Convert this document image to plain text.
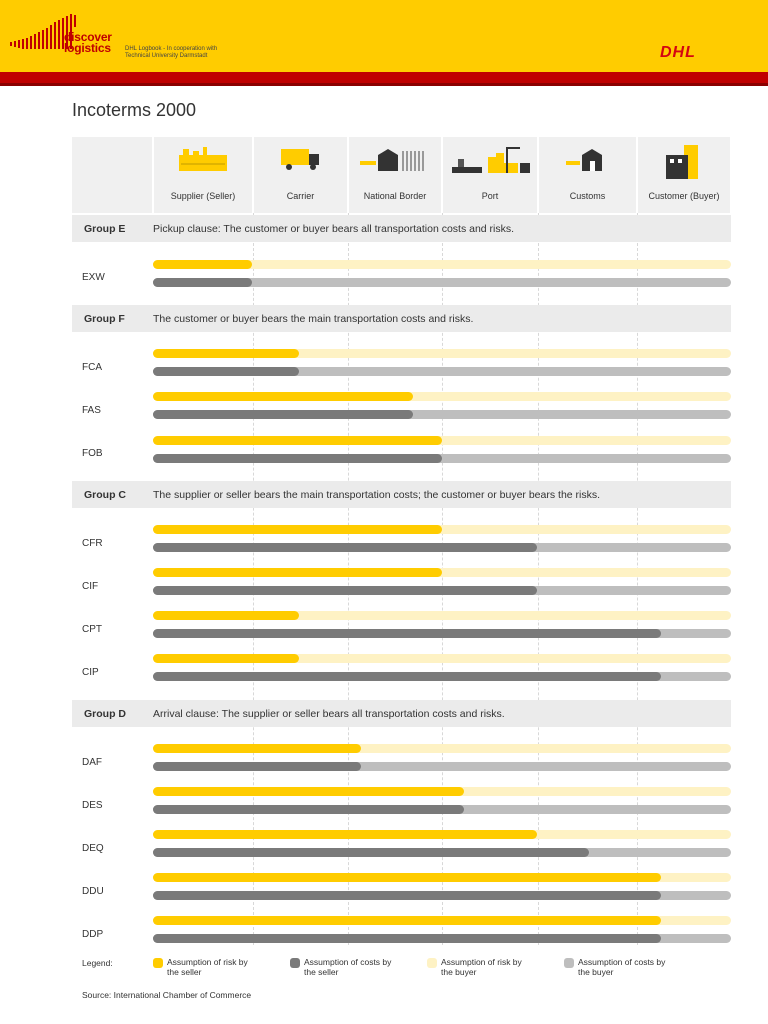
discover
logistics DHL Logbook - In cooperation with
Technical University Darmstadt	DHL
Incoterms 2000
Supplier (Seller)	Carrier	National Border	Port	Customs	Customer (Buyer)
Group E	Pickup clause: The customer or buyer bears all transportation costs and risks.
EXW
Group F	The customer or buyer bears the main transportation costs and risks.
FCA
FAS
FOB
Group C	The supplier or seller bears the main transportation costs; the customer or buyer bears the risks.
CFR
CIF
CPT
CIP
Group D	Arrival clause: The supplier or seller bears all transportation costs and risks.
DAF
DES
DEQ
DDU
DDP
Legend:	Assumption of risk by
the seller
Assumption of costs by
the seller
Assumption of risk by
the buyer
Assumption of costs by
the buyer
Source: International Chamber of Commerce
